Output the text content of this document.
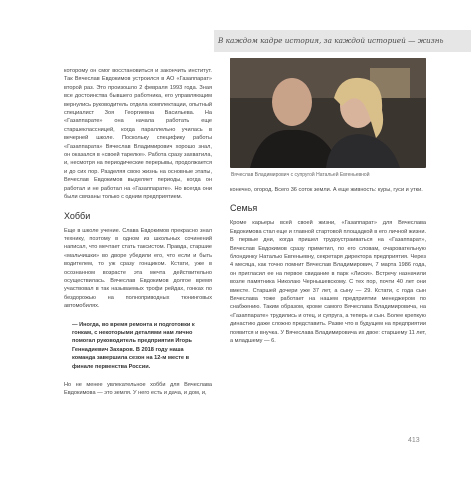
В каждом кадре история, за каждой историей — жизнь

которому он смог восстановиться и закончить институт. Так Вячеслав Евдокимов устроился в АО «Газаппарат» второй раз. Это произошло 2 февраля 1993 года. Зная все достоинства бывшего работника, его управляющим вернулись руководитель отдела комплектации, опытный специалист Зоя Георгиевна Васильева. На «Газаппарате» она начала работать еще старшеклассницей, когда параллельно училась в вечерней школе. Поскольку специфику работы «Газаппарата» Вячеслав Владимирович хорошо знал, он оказался в «своей тарелке». Работа сразу захватила, и, несмотря на периодические перерывы, продолжается и до сих пор. Разделяя свою жизнь на основные этапы, Вячеслав Евдокимов выделяет периоды, когда он работал и не работал на «Газаппарате». Но всегда они были связаны только с одним предприятием.

Хобби

Еще в школе учение. Слава Евдокимов прекрасно знал технику, поэтому в одном из школьных сочинений написал, что мечтает стать таксистом. Правда, старшие «мальчишки» во дворе убедили его, что если и быть водителем, то уж сразу гонщиком. Кстати, уже в осознанном возрасте эта мечта действительно осуществилась. Вячеслав Евдокимов долгое время участвовал в так называемых трофи рейдах, гонках по бездорожью на полноприводных тюнинговых автомобилях.

— Иногда, во время ремонта и подготовки к гонкам, с некоторыми деталями нам лично помогал руководитель предприятия Игорь Геннадиевич Захаров. В 2018 году наша команда завершила сезон на 12-м месте в финале первенства России.

Но не менее увлекательное хобби для Вячеслава Евдокимова — это земля. У него есть и дача, и дом, и,

Вячеслав Владимирович с супругой Натальей Евгеньевной

конечно, огород. Всего 36 соток земли. А еще живность: куры, гуси и утки.

Семья

Кроме карьеры всей своей жизни, «Газаппарат» для Вячеслава Евдокимова стал еще и главной стартовой площадкой в его личной жизни. В первые дни, когда пришел трудоустраиваться на «Газаппарат», Вячеслав Евдокимов сразу приметил, по его словам, очаровательную блондинку Наталью Евгеньевну, секретаря директора предприятия. Через 4 месяца, как точно помнит Вячеслав Владимирович, 7 марта 1986 года, он пригласил ее на первое свидание в парк «Лиски». Встречу назначили возле памятника Николаю Чернышевскому. С тех пор, почти 40 лет они вместе. Старшей дочери уже 37 лет, а сыну — 29. Кстати, с года сын Вячеслава тоже работает на нашем предприятии менеджером по снабжению. Таким образом, кроме самого Вячеслава Владимировича, на «Газаппарате» трудились и отец, и супруга, а теперь и сын. Более крепкую династию даже сложно представить. Разве что в будущем на предприятии появится и внучка. У Вячеслава Владимировича их двое: старшему 11 лет, а младшему — 6.

413
